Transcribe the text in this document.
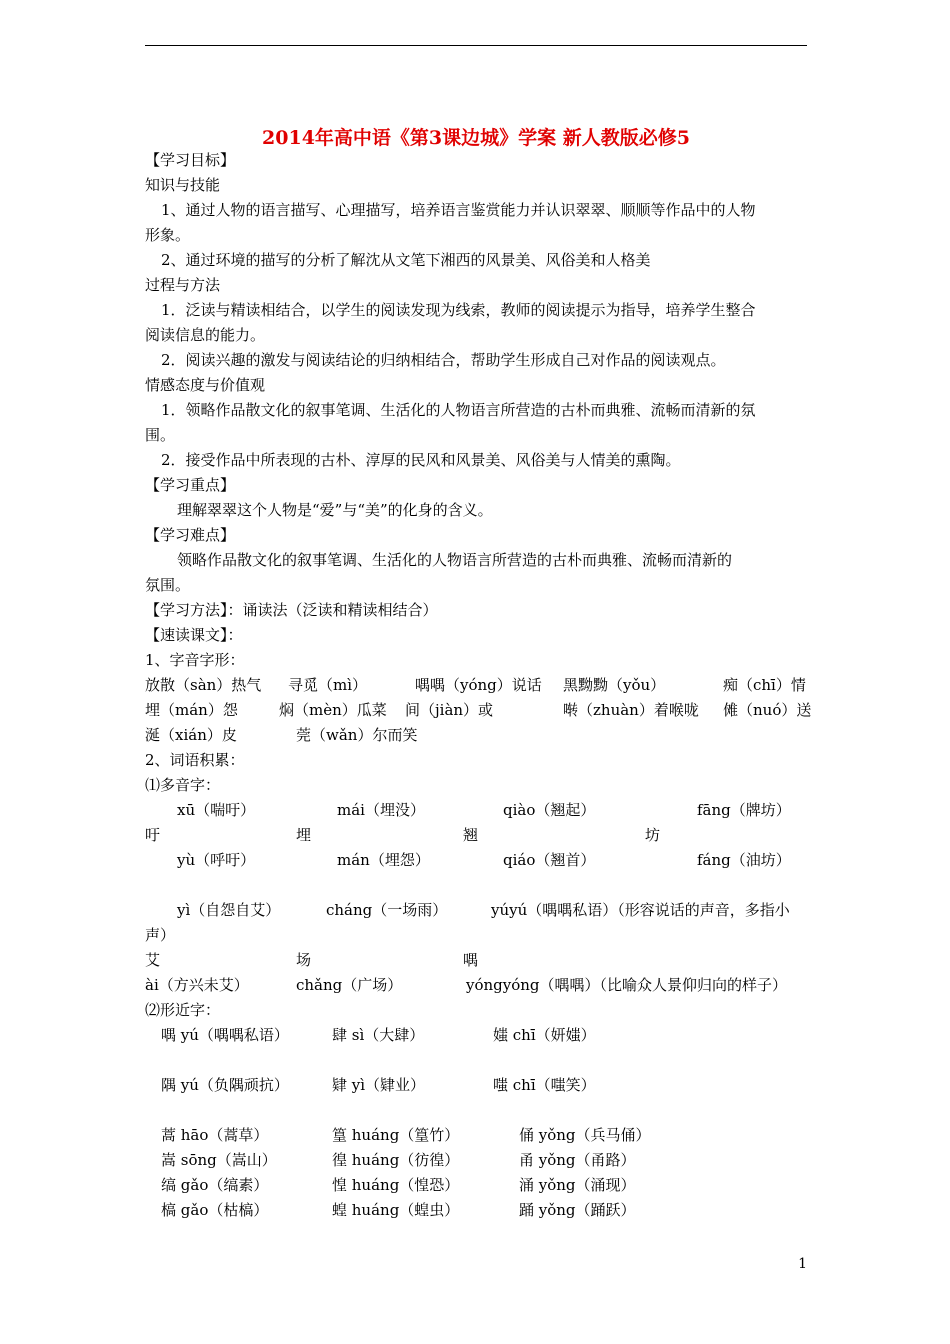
2014年高中语《第3课边城》学案 新人教版必修5
【学习目标】
知识与技能
1、通过人物的语言描写、心理描写，培养语言鉴赏能力并认识翠翠、顺顺等作品中的人物
形象。
2、通过环境的描写的分析了解沈从文笔下湘西的风景美、风俗美和人格美
过程与方法
1．泛读与精读相结合，以学生的阅读发现为线索，教师的阅读提示为指导，培养学生整合
阅读信息的能力。
2．阅读兴趣的激发与阅读结论的归纳相结合，帮助学生形成自己对作品的阅读观点。
情感态度与价值观
1．领略作品散文化的叙事笔调、生活化的人物语言所营造的古朴而典雅、流畅而清新的氛
围。
2．接受作品中所表现的古朴、淳厚的民风和风景美、风俗美与人情美的熏陶。
【学习重点】
理解翠翠这个人物是“爱”与“美”的化身的含义。
【学习难点】
领略作品散文化的叙事笔调、生活化的人物语言所营造的古朴而典雅、流畅而清新的
氛围。
【学习方法】：诵读法（泛读和精读相结合）
【速读课文】：
1、字音字形：
放散（sàn）热气 寻觅（mì）	喁喁（yóng）说话 黑黝黝（yǒu）	痴（chī）情
埋（mán）怨	焖（mèn）瓜菜 间（jiàn）或	啭（zhuàn）着喉咙 傩（nuó）送
涎（xián）皮	莞（wǎn）尔而笑
2、词语积累：
⑴多音字：
xū（喘吁）	mái（埋没）	qiào（翘起）	fāng（牌坊）
吁	埋	翘	坊
yù（呼吁）	mán（埋怨）	qiáo（翘首）	fáng（油坊）
yì（自怨自艾）	cháng（一场雨）	yúyú（喁喁私语）（形容说话的声音，多指小
声）
艾	场	喁
ài（方兴未艾）	chǎng（广场）	yóngyóng（喁喁）（比喻众人景仰归向的样子）
⑵形近字：
喁 yú（喁喁私语）	肆 sì（大肆）	媸 chī（妍媸）
隅 yú（负隅顽抗）	肄 yì（肄业）	嗤 chī（嗤笑）
蒿 hāo（蒿草）	篁 huáng（篁竹）	俑 yǒng（兵马俑）
嵩 sōng（嵩山）	徨 huáng（彷徨）	甬 yǒng（甬路）
缟 gǎo（缟素）	惶 huáng（惶恐）	涌 yǒng（涌现）
槁 gǎo（枯槁）	蝗 huáng（蝗虫）	踊 yǒng（踊跃）
1
